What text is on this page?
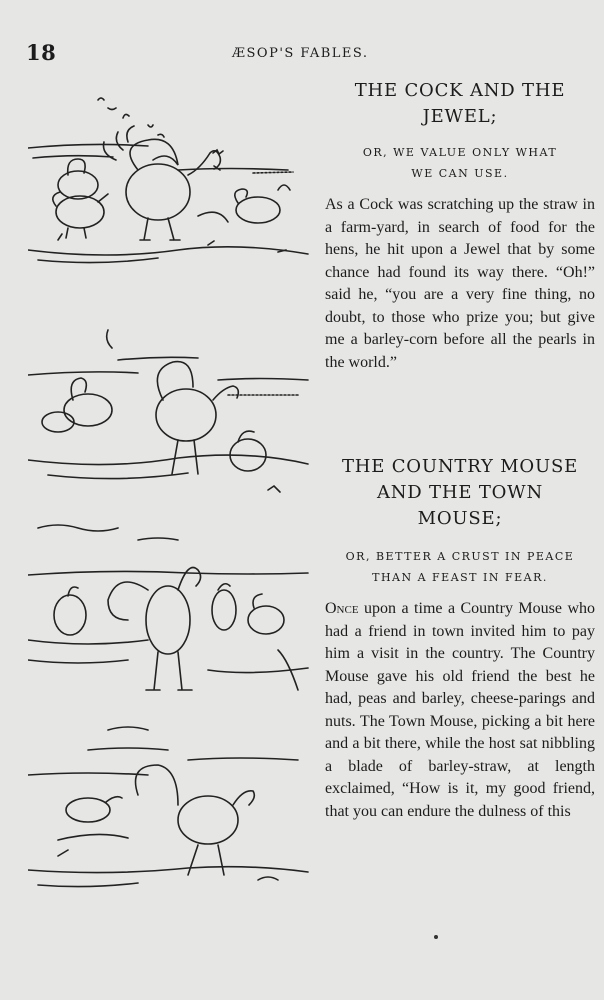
18	ÆSOP'S FABLES.
THE COCK AND THE
JEWEL;
OR, WE VALUE ONLY WHAT
WE CAN USE.

As a Cock was scratching up the straw in a farm-yard, in search of food for the hens, he hit upon a Jewel that by some chance had found its way there. “Oh!” said he, “you are a very fine thing, no doubt, to those who prize you; but give me a barley-corn before all the pearls in the world.”

THE COUNTRY MOUSE
AND THE TOWN
MOUSE;
OR, BETTER A CRUST IN PEACE
THAN A FEAST IN FEAR.

Once upon a time a Country Mouse who had a friend in town invited him to pay him a visit in the country. The Country Mouse gave his old friend the best he had, peas and barley, cheese-parings and nuts. The Town Mouse, picking a bit here and a bit there, while the host sat nibbling a blade of barley-straw, at length exclaimed, “How is it, my good friend, that you can endure the dulness of this
